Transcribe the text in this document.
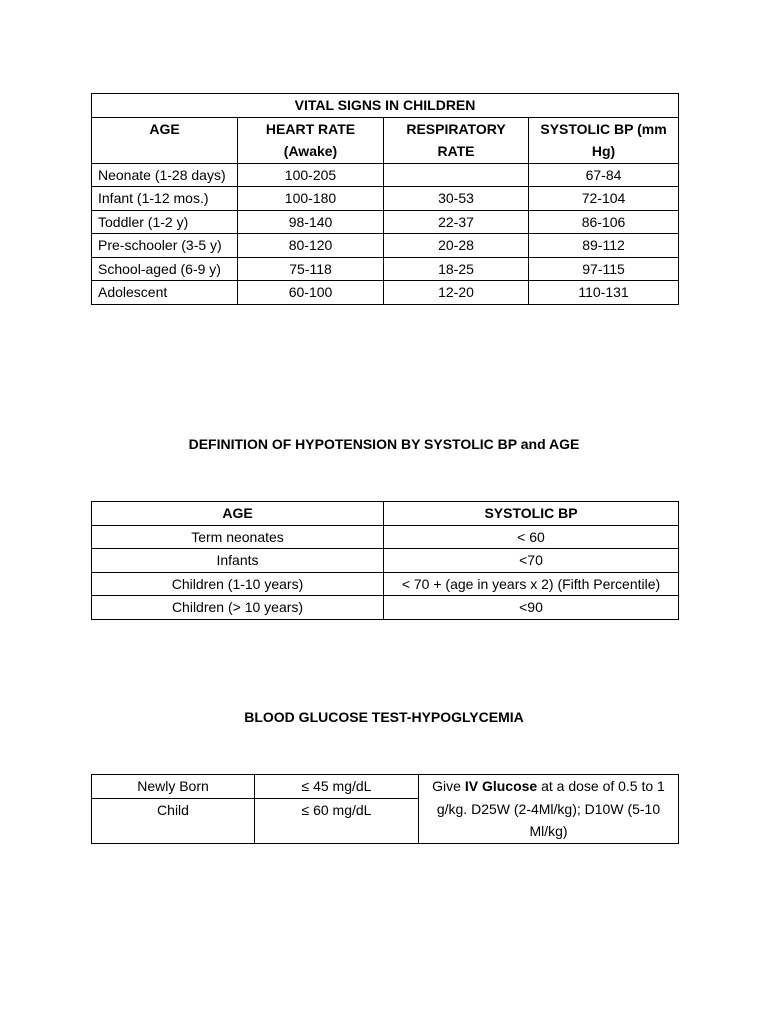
VITAL SIGNS IN CHILDREN			
AGE	HEART RATE (Awake)	RESPIRATORY RATE	SYSTOLIC BP (mm Hg)
Neonate (1-28 days)	100-205		67-84
Infant (1-12 mos.)	100-180	30-53	72-104
Toddler (1-2 y)	98-140	22-37	86-106
Pre-schooler (3-5 y)	80-120	20-28	89-112
School-aged (6-9 y)	75-118	18-25	97-115
Adolescent	60-100	12-20	110-131
DEFINITION OF HYPOTENSION BY SYSTOLIC BP and AGE
AGE	SYSTOLIC BP
Term neonates	< 60
Infants	<70
Children (1-10 years)	< 70 + (age in years x 2) (Fifth Percentile)
Children (> 10 years)	<90
BLOOD GLUCOSE TEST-HYPOGLYCEMIA
Newly Born	≤ 45 mg/dL	Give IV Glucose at a dose of 0.5 to 1 g/kg. D25W (2-4Ml/kg); D10W (5-10 Ml/kg)
Child	≤ 60 mg/dL	
